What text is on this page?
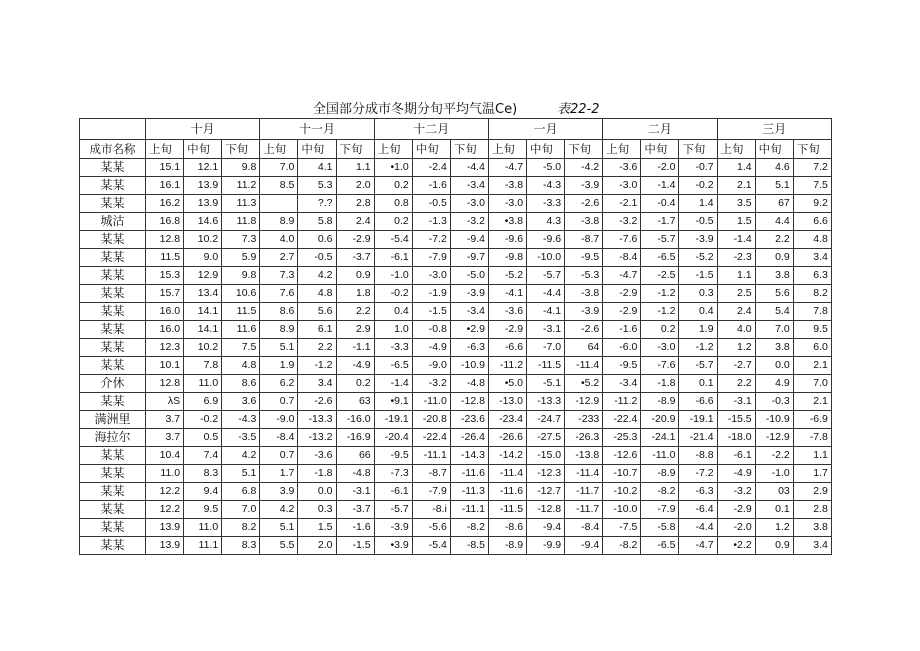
全国部分成市冬期分旬平均气温Ce)	表22-2
	十月			十一月			十二月			一月			二月			三月		
成市名称	上旬	中旬	下旬	上旬	中旬	下旬	上旬	中旬	下旬	上旬	中旬	下旬	上旬	中旬	下旬	上旬	中旬	下旬
某某	15.1	12.1	9.8	7.0	4.1	1.1	•1.0	-2.4	-4.4	-4.7	-5.0	-4.2	-3.6	-2.0	-0.7	1.4	4.6	7.2
某某	16.1	13.9	11.2	8.5	5.3	2.0	0.2	-1.6	-3.4	-3.8	-4.3	-3.9	-3.0	-1.4	-0.2	2.1	5.1	7.5
某某	16.2	13.9	11.3		?.?	2.8	0.8	-0.5	-3.0	-3.0	-3.3	-2.6	-2.1	-0.4	1.4	3.5	67	9.2
城沽	16.8	14.6	11.8	8.9	5.8	2.4	0.2	-1.3	-3.2	•3.8	4.3	-3.8	-3.2	-1.7	-0.5	1.5	4.4	6.6
某某	12.8	10.2	7.3	4.0	0.6	-2.9	-5.4	-7.2	-9.4	-9.6	-9.6	-8.7	-7.6	-5.7	-3.9	-1.4	2.2	4.8
某某	11.5	9.0	5.9	2.7	-0.5	-3.7	-6.1	-7.9	-9.7	-9.8	-10.0	-9.5	-8.4	-6.5	-5.2	-2.3	0.9	3.4
某某	15.3	12.9	9.8	7.3	4.2	0.9	-1.0	-3.0	-5.0	-5.2	-5.7	-5.3	-4.7	-2.5	-1.5	1.1	3.8	6.3
某某	15.7	13.4	10.6	7.6	4.8	1.8	-0.2	-1.9	-3.9	-4.1	-4.4	-3.8	-2.9	-1.2	0.3	2.5	5.6	8.2
某某	16.0	14.1	11.5	8.6	5.6	2.2	0.4	-1.5	-3.4	-3.6	-4.1	-3.9	-2.9	-1.2	0.4	2.4	5.4	7.8
某某	16.0	14.1	11.6	8.9	6.1	2.9	1.0	-0.8	•2.9	-2.9	-3.1	-2.6	-1.6	0.2	1.9	4.0	7.0	9.5
某某	12.3	10.2	7.5	5.1	2.2	-1.1	-3.3	-4.9	-6.3	-6.6	-7.0	64	-6.0	-3.0	-1.2	1.2	3.8	6.0
某某	10.1	7.8	4.8	1.9	-1.2	-4.9	-6.5	-9.0	-10.9	-11.2	-11.5	-11.4	-9.5	-7.6	-5.7	-2.7	0.0	2.1
介休	12.8	11.0	8.6	6.2	3.4	0.2	-1.4	-3.2	-4.8	•5.0	-5.1	•5.2	-3.4	-1.8	0.1	2.2	4.9	7.0
某某	λS	6.9	3.6	0.7	-2.6	63	•9.1	-11.0	-12.8	-13.0	-13.3	-12.9	-11.2	-8.9	-6.6	-3.1	-0.3	2.1
满洲里	3.7	-0.2	-4.3	-9.0	-13.3	-16.0	-19.1	-20.8	-23.6	-23.4	-24.7	-233	-22.4	-20.9	-19.1	-15.5	-10.9	-6.9
海拉尔	3.7	0.5	-3.5	-8.4	-13.2	-16.9	-20.4	-22.4	-26.4	-26.6	-27.5	-26.3	-25.3	-24.1	-21.4	-18.0	-12.9	-7.8
某某	10.4	7.4	4.2	0.7	-3.6	66	-9.5	-11.1	-14.3	-14.2	-15.0	-13.8	-12.6	-11.0	-8.8	-6.1	-2.2	1.1
某某	11.0	8.3	5.1	1.7	-1.8	-4.8	-7.3	-8.7	-11.6	-11.4	-12.3	-11.4	-10.7	-8.9	-7.2	-4.9	-1.0	1.7
某某	12.2	9.4	6.8	3.9	0.0	-3.1	-6.1	-7.9	-11.3	-11.6	-12.7	-11.7	-10.2	-8.2	-6.3	-3.2	03	2.9
某某	12.2	9.5	7.0	4.2	0.3	-3.7	-5.7	-8.i	-11.1	-11.5	-12.8	-11.7	-10.0	-7.9	-6.4	-2.9	0.1	2.8
某某	13.9	11.0	8.2	5.1	1.5	-1.6	-3.9	-5.6	-8.2	-8.6	-9.4	-8.4	-7.5	-5.8	-4.4	-2.0	1.2	3.8
某某	13.9	11.1	8.3	5.5	2.0	-1.5	•3.9	-5.4	-8.5	-8.9	-9.9	-9.4	-8.2	-6.5	-4.7	•2.2	0.9	3.4
